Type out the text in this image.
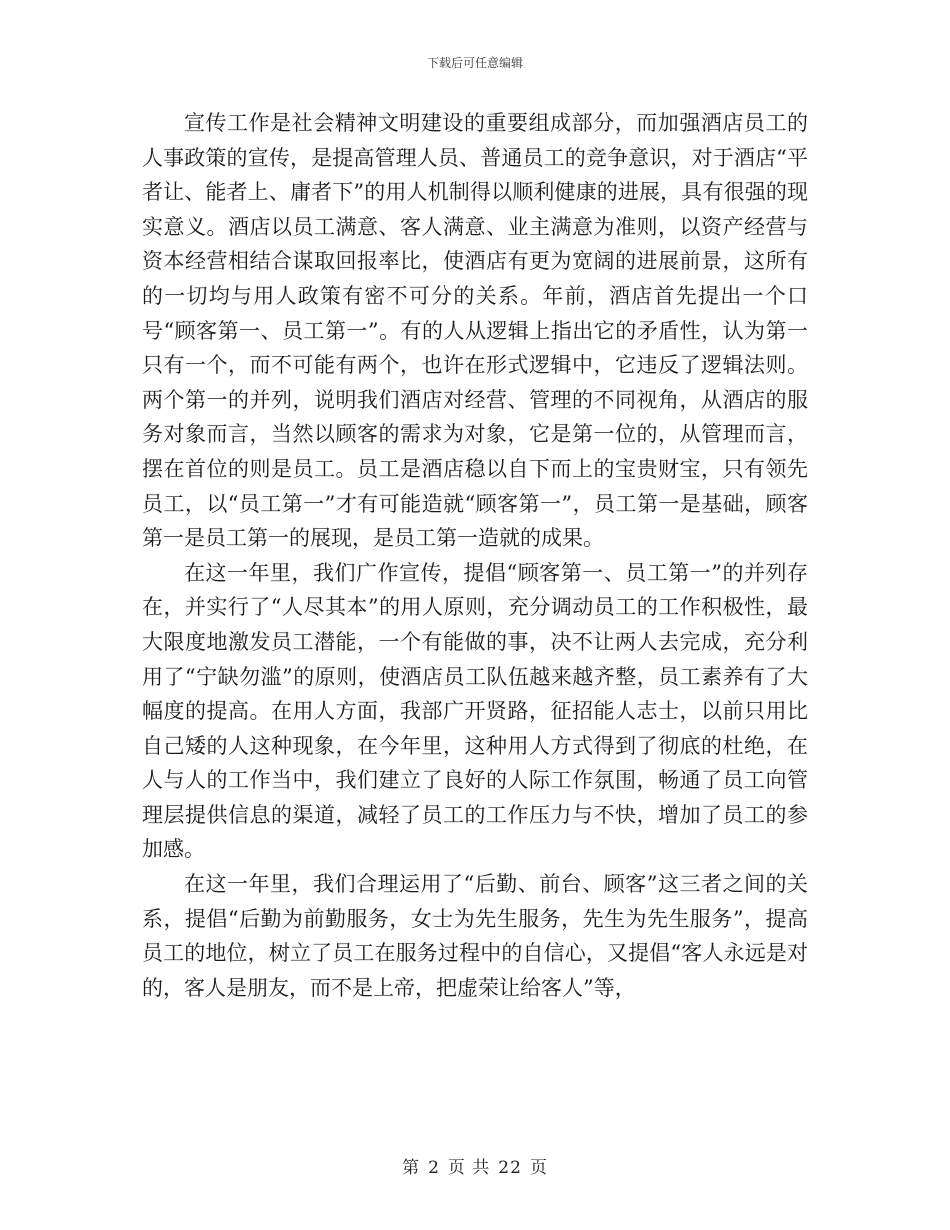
下载后可任意编辑

宣传工作是社会精神文明建设的重要组成部分，而加强酒店员工的人事政策的宣传，是提高管理人员、普通员工的竞争意识，对于酒店“平者让、能者上、庸者下”的用人机制得以顺利健康的进展，具有很强的现实意义。酒店以员工满意、客人满意、业主满意为准则，以资产经营与资本经营相结合谋取回报率比，使酒店有更为宽阔的进展前景，这所有的一切均与用人政策有密不可分的关系。年前，酒店首先提出一个口号“顾客第一、员工第一”。有的人从逻辑上指出它的矛盾性，认为第一只有一个，而不可能有两个，也许在形式逻辑中，它违反了逻辑法则。两个第一的并列，说明我们酒店对经营、管理的不同视角，从酒店的服务对象而言，当然以顾客的需求为对象，它是第一位的，从管理而言，摆在首位的则是员工。员工是酒店稳以自下而上的宝贵财宝，只有领先员工，以“员工第一”才有可能造就“顾客第一”，员工第一是基础，顾客第一是员工第一的展现，是员工第一造就的成果。

在这一年里，我们广作宣传，提倡“顾客第一、员工第一”的并列存在，并实行了“人尽其本”的用人原则，充分调动员工的工作积极性，最大限度地激发员工潜能，一个有能做的事，决不让两人去完成，充分利用了“宁缺勿滥”的原则，使酒店员工队伍越来越齐整，员工素养有了大幅度的提高。在用人方面，我部广开贤路，征招能人志士，以前只用比自己矮的人这种现象，在今年里，这种用人方式得到了彻底的杜绝，在人与人的工作当中，我们建立了良好的人际工作氛围，畅通了员工向管理层提供信息的渠道，减轻了员工的工作压力与不快，增加了员工的参加感。

在这一年里，我们合理运用了“后勤、前台、顾客”这三者之间的关系，提倡“后勤为前勤服务，女士为先生服务，先生为先生服务”，提高员工的地位，树立了员工在服务过程中的自信心，又提倡“客人永远是对的，客人是朋友，而不是上帝，把虚荣让给客人”等，

第 2 页 共 22 页
